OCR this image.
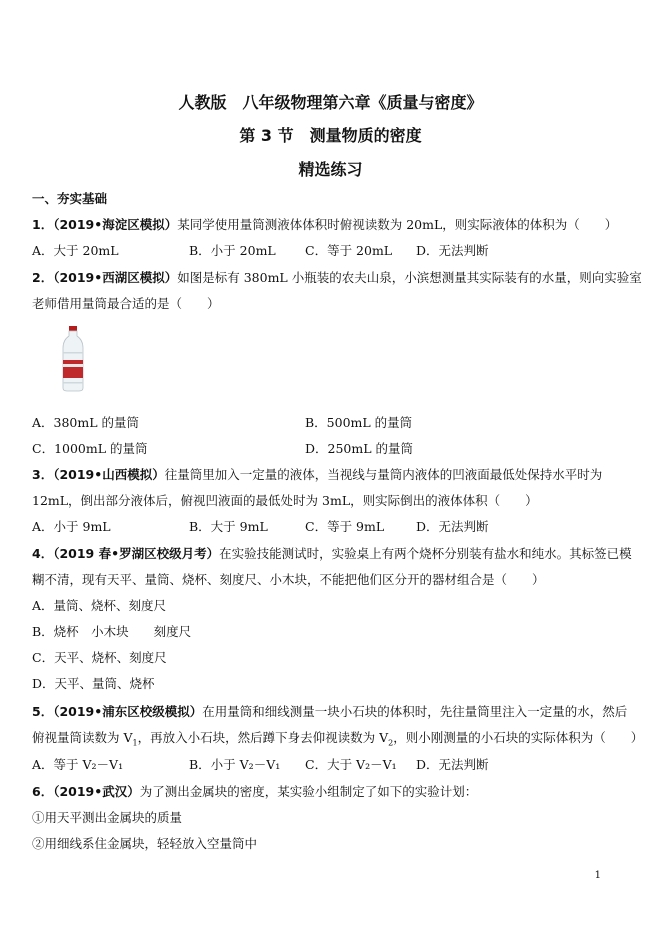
人教版　八年级物理第六章《质量与密度》
第 3 节　测量物质的密度
精选练习
一、夯实基础
1．（2019•海淀区模拟）某同学使用量筒测液体体积时俯视读数为 20mL，则实际液体的体积为（　　）
A．大于 20mL	B．小于 20mL C．等于 20mL D．无法判断
2．（2019•西湖区模拟）如图是标有 380mL 小瓶装的农夫山泉，小滨想测量其实际装有的水量，则向实验室
老师借用量筒最合适的是（　　）
A．380mL 的量筒	B．500mL 的量筒
C．1000mL 的量筒	D．250mL 的量筒
3．（2019•山西模拟）往量筒里加入一定量的液体，当视线与量筒内液体的凹液面最低处保持水平时为
12mL，倒出部分液体后，俯视凹液面的最低处时为 3mL，则实际倒出的液体体积（　　）
A．小于 9mL	B．大于 9mL	C．等于 9mL	D．无法判断
4．（2019 春•罗湖区校级月考）在实验技能测试时，实验桌上有两个烧杯分别装有盐水和纯水。其标签已模
糊不清，现有天平、量筒、烧杯、刻度尺、小木块，不能把他们区分开的器材组合是（　　）
A．量筒、烧杯、刻度尺
B．烧杯　小木块　　刻度尺
C．天平、烧杯、刻度尺
D．天平、量筒、烧杯
5．（2019•浦东区校级模拟）在用量筒和细线测量一块小石块的体积时，先往量筒里注入一定量的水，然后
俯视量筒读数为 $V_1$，再放入小石块，然后蹲下身去仰视读数为 $V_2$，则小刚测量的小石块的实际体积为（　　）
A．等于 V₂－V₁	B．小于 V₂－V₁ C．大于 V₂－V₁ D．无法判断
6．（2019•武汉）为了测出金属块的密度，某实验小组制定了如下的实验计划：
①用天平测出金属块的质量
②用细线系住金属块，轻轻放入空量筒中
1
